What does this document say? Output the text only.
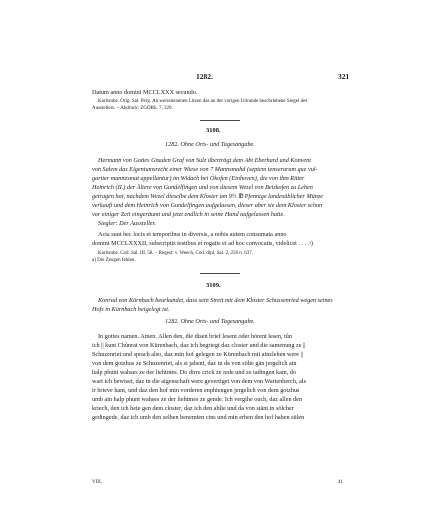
1282.	321
Datum anno domini MCCLXXX secundo.
Karlsruhe. Orig. Sal. Perg. An weissleinenen Litzen das an der vorigen Urkunde beschriebene Siegel des
Ausstellers. – Abdruck: ZGORh. 7, 320.
3108.
1282. Ohne Orts- und Tagesangabe.
Hermann von Gottes Gnaden Graf von Sulz überträgt dem Abt Eberhard und Konvent
von Salem das Eigentumsrecht einer Wiese von 7 Mannsmahd (septem tenseraram que vul-
gariter mannesmat appellantur) im Widach bei Ökofen (Einhoven), die von ihm Ritter
Heinrich (II.) der Ältere von Gundelfingen und von diesem Wezel von Beizkofen zu Lehen
getragen hat, nachdem Wezel dieselbe dem Kloster um 9½ ℔ Pfennige landesüblicher Münze
verkauft und dem Heinrich von Gundelfingen aufgelassen, dieser aber sie dem Kloster schon
vor einiger Zeit eingeräumt und jetzt endlich in seine Hand aufgelassen hatte.
Siegler: Der Aussteller.
Acta sunt hec locis et temporibus in diversis, a nobis autem consumata anno
domini MCCLXXXII, subscriptis testibus et rogatis et ad hoc convocatis, videlicet . . . .ᵃ)
Karlsruhe. Cod. Sal. III, 58. – Regest: v. Weech, Cod. dipl. Sal. 2, 256 n. 637.
a) Die Zeugen fehlen.
3109.
Konrad von Kürnbach beurkundet, dass sein Streit mit dem Kloster Schussenried wegen seines
Hofs in Kürnbach beigelegt ist.
1282. Ohne Orts- und Tagesangabe.
In gottes namen. Amen. Allen den, die disen brief lesent oder hörent lesen, tůn
ich || kunt Chůnrat von Kürenbach, daz ich begriegt daz closter und die samenung ze ||
Schuzenriet und sprach also, daz min hof gelegen ze Kürenbach mit ainzlehen were ||
von dem gotzhus ze Schuzenriet, als si jahent, daz in da von sölte gän jergelich ain
halp phunt wahses ze der liehtmes. Do dirre crick ze rede und ze tadingen kam, do
wart ich bewiset, daz in die aigenschaft were gevertiget von dem von Warienberch, als
ir brieve hant, und daz den hof min vorderen enphiengen jergelich von dem gotzhus
umb ain halp phunt wahses ze der liehtmes ze gende. Ich vergihe ouch, daz allen den
kriech, den ich hete gen dem closter, daz ich den ablie und da von stänt in sölcher
gedingede, daz ich umb den selben benemten cins und min erben den hof haben sülen
VIII.	41
